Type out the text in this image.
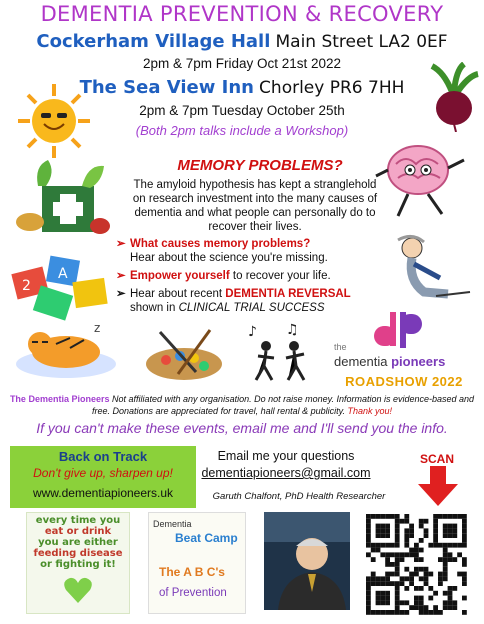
DEMENTIA PREVENTION & RECOVERY
Cockerham Village Hall Main Street LA2 0EF
2pm & 7pm Friday Oct 21st 2022
The Sea View Inn Chorley PR6 7HH
2pm & 7pm Tuesday October 25th
(Both 2pm talks include a Workshop)
MEMORY PROBLEMS?
The amyloid hypothesis has kept a stranglehold on research investment into the many causes of dementia and what people can personally do to recover their lives.
➢ What causes memory problems?
Hear about the science you're missing.
➢ Empower yourself to recover your life.
➢ Hear about recent DEMENTIA REVERSAL
shown in CLINICAL TRIAL SUCCESS
2
A
z	♪ ♫
the
dementia pioneers
ROADSHOW 2022
The Dementia Pioneers Not affiliated with any organisation. Do not raise money. Information is evidence-based and free. Donations are appreciated for travel, hall rental & publicity. Thank you!
If you can't make these events, email me and I'll send you the info.
Back on Track
Don't give up, sharpen up!
www.dementiapioneers.uk
Email me your questions
dementiapioneers@gmail.com
Garuth Chalfont, PhD Health Researcher
SCAN
every time you
eat or drink
you are either
feeding disease
or fighting it!
Dementia
Beat Camp
The A B C's
of Prevention
